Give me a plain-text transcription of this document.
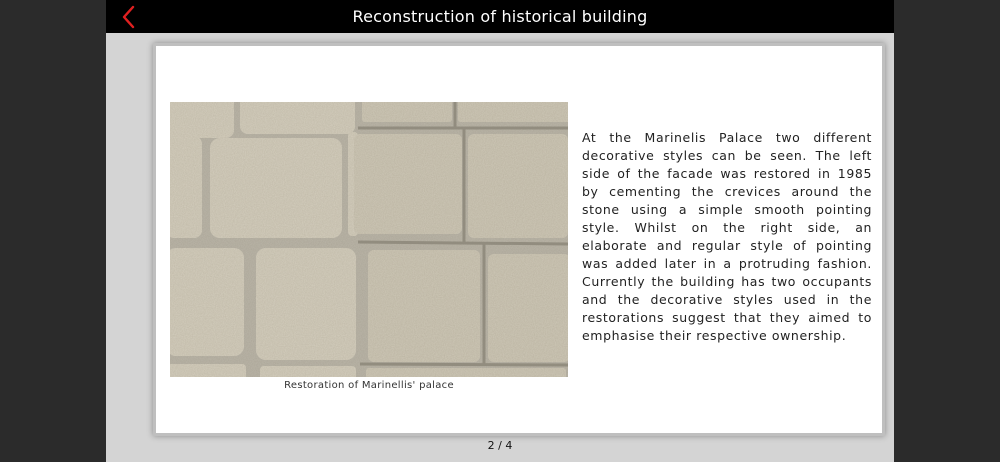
Reconstruction of historical building
Restoration of Marinellis' palace

At the Marinelis Palace two different decorative styles can be seen. The left side of the facade was restored in 1985 by cementing the crevices around the stone using a simple smooth pointing style. Whilst on the right side, an elaborate and regular style of pointing was added later in a protruding fashion. Currently the building has two occupants and the decorative styles used in the restorations suggest that they aimed to emphasise their respective ownership.

2 / 4
